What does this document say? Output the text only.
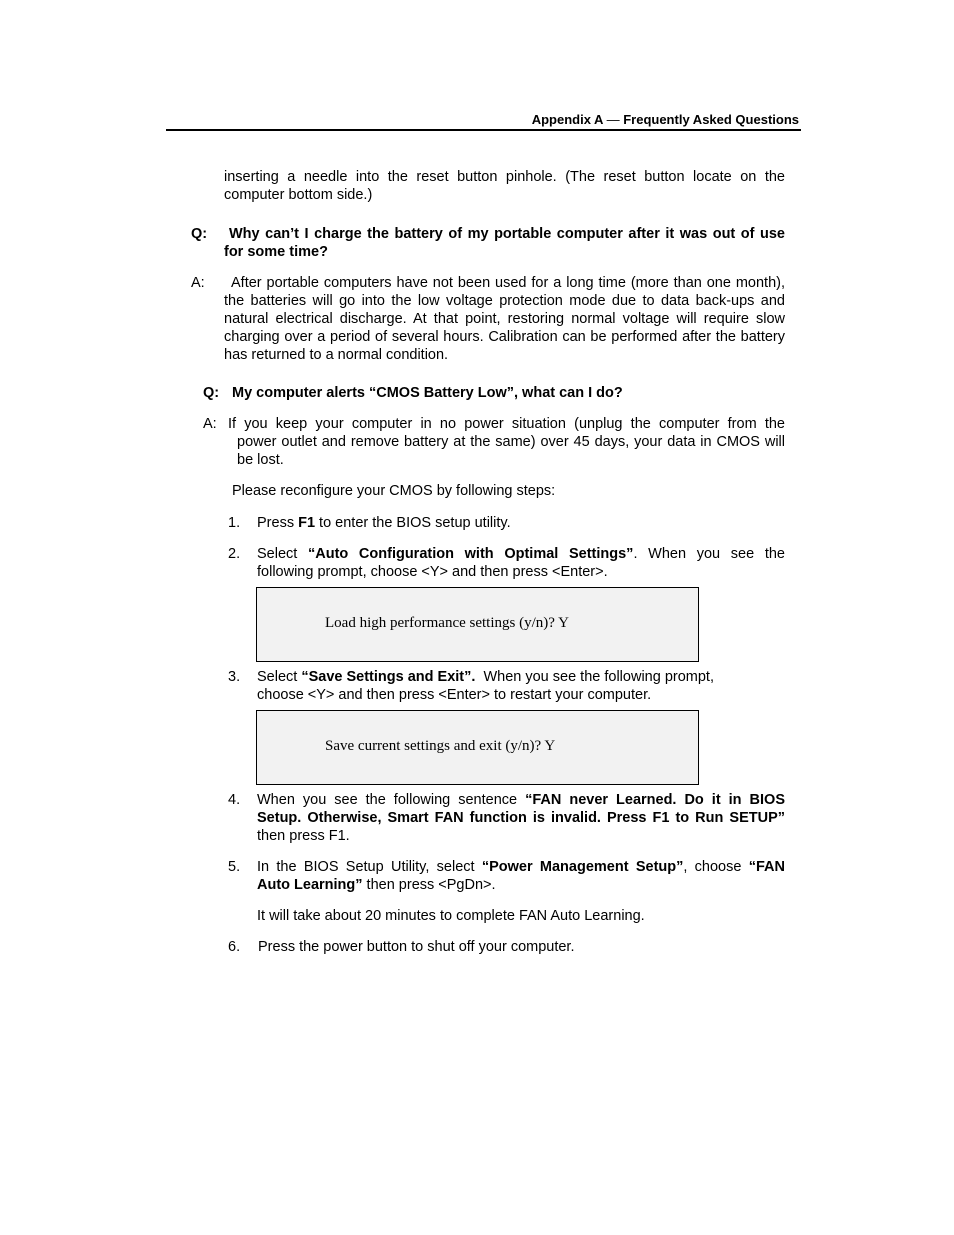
Appendix A — Frequently Asked Questions
inserting a needle into the reset button pinhole. (The reset button locate on the computer bottom side.)
Q:	Why can’t I charge the battery of my portable computer after it was out of use for some time?
A:	After portable computers have not been used for a long time (more than one month), the batteries will go into the low voltage protection mode due to data back-ups and natural electrical discharge. At that point, restoring normal voltage will require slow charging over a period of several hours. Calibration can be performed after the battery has returned to a normal condition.
Q: My computer alerts “CMOS Battery Low”, what can I do?
A: If you keep your computer in no power situation (unplug the computer from the
power outlet and remove battery at the same) over 45 days, your data in CMOS will be lost.
Please reconfigure your CMOS by following steps:
1. Press F1 to enter the BIOS setup utility.
2. Select “Auto Configuration with Optimal Settings”. When you see the following prompt, choose <Y> and then press <Enter>.
Load high performance settings (y/n)? Y
3. Select “Save Settings and Exit”.  When you see the following prompt,
choose <Y> and then press <Enter> to restart your computer.
Save current settings and exit (y/n)? Y
4. When you see the following sentence “FAN never Learned. Do it in BIOS Setup. Otherwise, Smart FAN function is invalid. Press F1 to Run SETUP” then press F1.
5. In the BIOS Setup Utility, select “Power Management Setup”, choose “FAN Auto Learning” then press <PgDn>.
It will take about 20 minutes to complete FAN Auto Learning.
6. Press the power button to shut off your computer.
